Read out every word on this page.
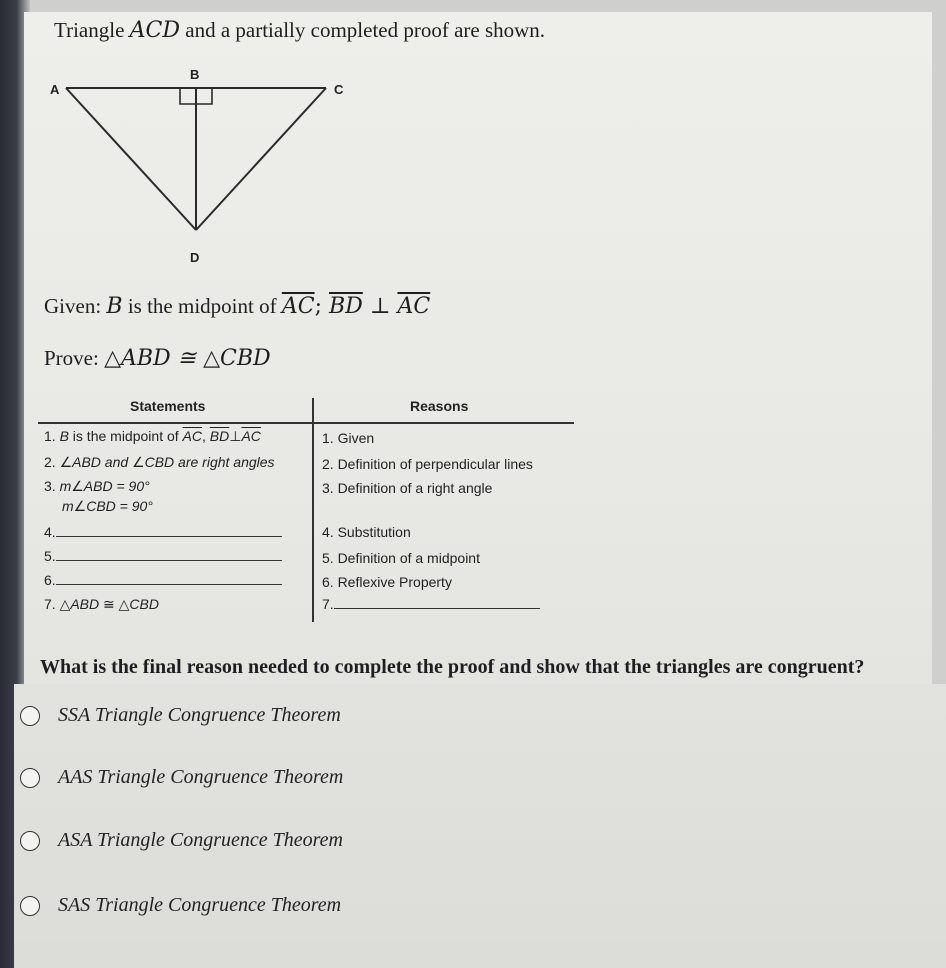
Triangle ACD and a partially completed proof are shown.
A
B
C
D
Given: B is the midpoint of $\overline{AC}$; $\overline{BD}$ ⊥ $\overline{AC}$
Prove: △ABD ≅ △CBD
Statements	Reasons
1. B is the midpoint of $\overline{AC}$, $\overline{BD}\perp\overline{AC}$	1. Given
2. ∠ABD and ∠CBD are right angles	2. Definition of perpendicular lines
3. m∠ABD = 90°
m∠CBD = 90°
3. Definition of a right angle
4.	4. Substitution
5.	5. Definition of a midpoint
6.	6. Reflexive Property
7. △ABD ≅ △CBD	7.
What is the final reason needed to complete the proof and show that the triangles are congruent?
SSA Triangle Congruence Theorem
AAS Triangle Congruence Theorem
ASA Triangle Congruence Theorem
SAS Triangle Congruence Theorem
